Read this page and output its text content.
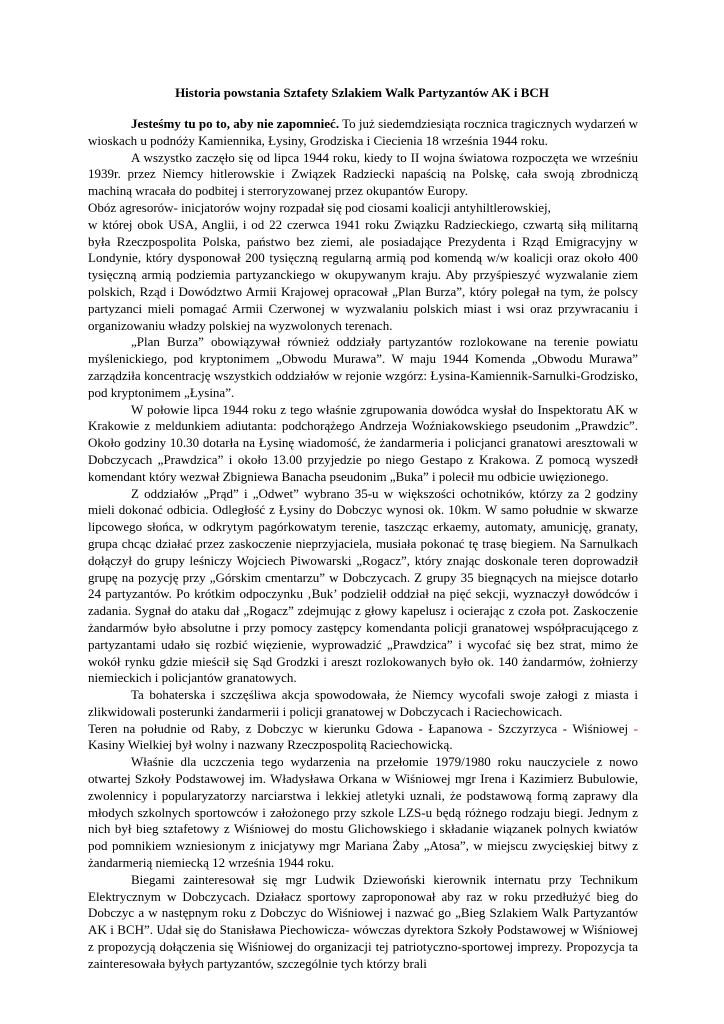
Historia powstania Sztafety Szlakiem Walk Partyzantów AK i BCH

Jesteśmy tu po to, aby nie zapomnieć. To już siedemdziesiąta rocznica tragicznych wydarzeń w wioskach u podnóży Kamiennika, Łysiny, Grodziska i Ciecienia 18 września 1944 roku.

A wszystko zaczęło się od lipca 1944 roku, kiedy to II wojna światowa rozpoczęta we wrześniu 1939r. przez Niemcy hitlerowskie i Związek Radziecki napaścią na Polskę, cała swoją zbrodniczą machiną wracała do podbitej i sterroryzowanej przez okupantów Europy.

Obóz agresorów- inicjatorów wojny rozpadał się pod ciosami koalicji antyhiltlerowskiej,

w której obok USA, Anglii, i od 22 czerwca 1941 roku Związku Radzieckiego, czwartą siłą militarną była Rzeczpospolita Polska, państwo bez ziemi, ale posiadające Prezydenta i Rząd Emigracyjny w Londynie, który dysponował 200 tysięczną regularną armią pod komendą w/w koalicji oraz około 400 tysięczną armią podziemia partyzanckiego w okupywanym kraju. Aby przyśpieszyć wyzwalanie ziem polskich, Rząd i Dowództwo Armii Krajowej opracował „Plan Burza”, który polegał na tym, że polscy partyzanci mieli pomagać Armii Czerwonej w wyzwalaniu polskich miast i wsi oraz przywracaniu i organizowaniu władzy polskiej na wyzwolonych terenach.

„Plan Burza” obowiązywał również oddziały partyzantów rozlokowane na terenie powiatu myślenickiego, pod kryptonimem „Obwodu Murawa”. W maju 1944 Komenda „Obwodu Murawa” zarządziła koncentrację wszystkich oddziałów w rejonie wzgórz: Łysina-Kamiennik-Sarnulki-Grodzisko, pod kryptonimem „Łysina”.

W połowie lipca 1944 roku z tego właśnie zgrupowania dowódca wysłał do Inspektoratu AK w Krakowie z meldunkiem adiutanta: podchorążego Andrzeja Woźniakowskiego pseudonim „Prawdzic”. Około godziny 10.30 dotarła na Łysinę wiadomość, że żandarmeria i policjanci granatowi aresztowali w Dobczycach „Prawdzica” i około 13.00 przyjedzie po niego Gestapo z Krakowa. Z pomocą wyszedł komendant który wezwał Zbigniewa Banacha pseudonim „Buka” i polecił mu odbicie uwięzionego.

Z oddziałów „Prąd” i „Odwet” wybrano 35-u w większości ochotników, którzy za 2 godziny mieli dokonać odbicia. Odległość z Łysiny do Dobczyc wynosi ok. 10km. W samo południe w skwarze lipcowego słońca, w odkrytym pagórkowatym terenie, taszcząc erkaemy, automaty, amunicję, granaty, grupa chcąc działać przez zaskoczenie nieprzyjaciela, musiała pokonać tę trasę biegiem. Na Sarnulkach dołączył do grupy leśniczy Wojciech Piwowarski „Rogacz”, który znając doskonale teren doprowadził grupę na pozycję przy „Górskim cmentarzu” w Dobczycach. Z grupy 35 biegnących na miejsce dotarło 24 partyzantów. Po krótkim odpoczynku ‚Buk’ podzielił oddział na pięć sekcji, wyznaczył dowódców i zadania. Sygnał do ataku dał „Rogacz” zdejmując z głowy kapelusz i ocierając z czoła pot. Zaskoczenie żandarmów było absolutne i przy pomocy zastępcy komendanta policji granatowej współpracującego z partyzantami udało się rozbić więzienie, wyprowadzić „Prawdzica” i wycofać się bez strat, mimo że wokół rynku gdzie mieścił się Sąd Grodzki i areszt rozlokowanych było ok. 140 żandarmów, żołnierzy niemieckich i policjantów granatowych.

Ta bohaterska i szczęśliwa akcja spowodowała, że Niemcy wycofali swoje załogi z miasta i zlikwidowali posterunki żandarmerii i policji granatowej w Dobczycach i Raciechowicach.

Teren na południe od Raby, z Dobczyc w kierunku Gdowa - Łapanowa - Szczyrzyca - Wiśniowej - Kasiny Wielkiej był wolny i nazwany Rzeczpospolitą Raciechowicką.

Właśnie dla uczczenia tego wydarzenia na przełomie 1979/1980 roku nauczyciele z nowo otwartej Szkoły Podstawowej im. Władysława Orkana w Wiśniowej mgr Irena i Kazimierz Bubulowie, zwolennicy i popularyzatorzy narciarstwa i lekkiej atletyki uznali, że podstawową formą zaprawy dla młodych szkolnych sportowców i założonego przy szkole LZS-u będą różnego rodzaju biegi. Jednym z nich był bieg sztafetowy z Wiśniowej do mostu Glichowskiego i składanie wiązanek polnych kwiatów pod pomnikiem wzniesionym z inicjatywy mgr Mariana Żaby „Atosa”, w miejscu zwycięskiej bitwy z żandarmerią niemiecką 12 września 1944 roku.

Biegami zainteresował się mgr Ludwik Dziewoński kierownik internatu przy Technikum Elektrycznym w Dobczycach. Działacz sportowy zaproponował aby raz w roku przedłużyć bieg do Dobczyc a w następnym roku z Dobczyc do Wiśniowej i nazwać go „Bieg Szlakiem Walk Partyzantów AK i BCH”. Udał się do Stanisława Piechowicza- wówczas dyrektora Szkoły Podstawowej w Wiśniowej z propozycją dołączenia się Wiśniowej do organizacji tej patriotyczno-sportowej imprezy. Propozycja ta zainteresowała byłych partyzantów, szczególnie tych którzy brali
